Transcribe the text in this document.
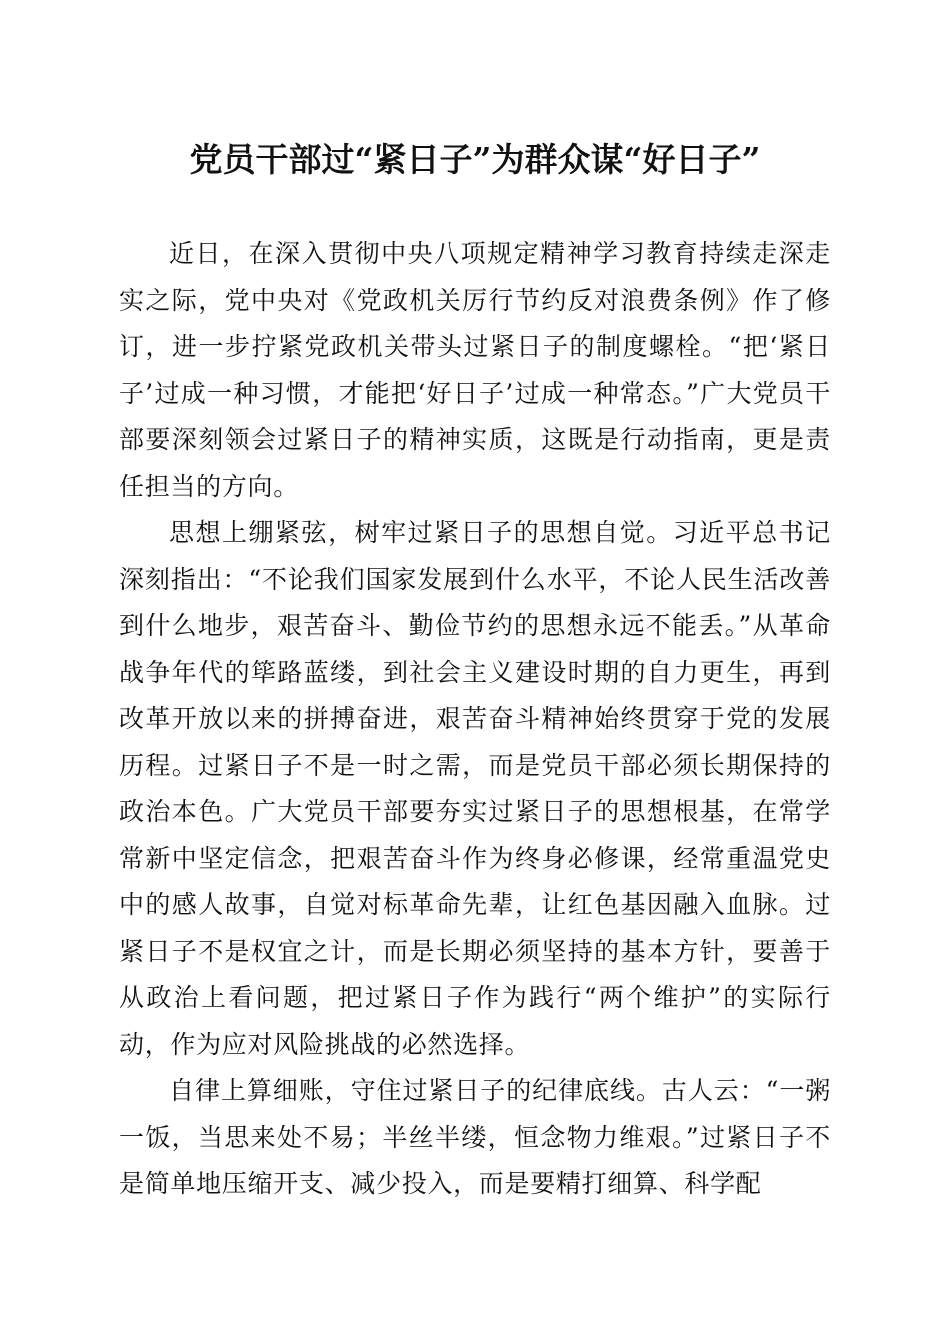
党员干部过“紧日子”为群众谋“好日子”

近日，在深入贯彻中央八项规定精神学习教育持续走深走实之际，党中央对《党政机关厉行节约反对浪费条例》作了修订，进一步拧紧党政机关带头过紧日子的制度螺栓。“把‘紧日子’过成一种习惯，才能把‘好日子’过成一种常态。”广大党员干部要深刻领会过紧日子的精神实质，这既是行动指南，更是责任担当的方向。

思想上绷紧弦，树牢过紧日子的思想自觉。习近平总书记深刻指出：“不论我们国家发展到什么水平，不论人民生活改善到什么地步，艰苦奋斗、勤俭节约的思想永远不能丢。”从革命战争年代的筚路蓝缕，到社会主义建设时期的自力更生，再到改革开放以来的拼搏奋进，艰苦奋斗精神始终贯穿于党的发展历程。过紧日子不是一时之需，而是党员干部必须长期保持的政治本色。广大党员干部要夯实过紧日子的思想根基，在常学常新中坚定信念，把艰苦奋斗作为终身必修课，经常重温党史中的感人故事，自觉对标革命先辈，让红色基因融入血脉。过紧日子不是权宜之计，而是长期必须坚持的基本方针，要善于从政治上看问题，把过紧日子作为践行“两个维护”的实际行动，作为应对风险挑战的必然选择。

自律上算细账，守住过紧日子的纪律底线。古人云：“一粥一饭，当思来处不易；半丝半缕，恒念物力维艰。”过紧日子不是简单地压缩开支、减少投入，而是要精打细算、科学配
